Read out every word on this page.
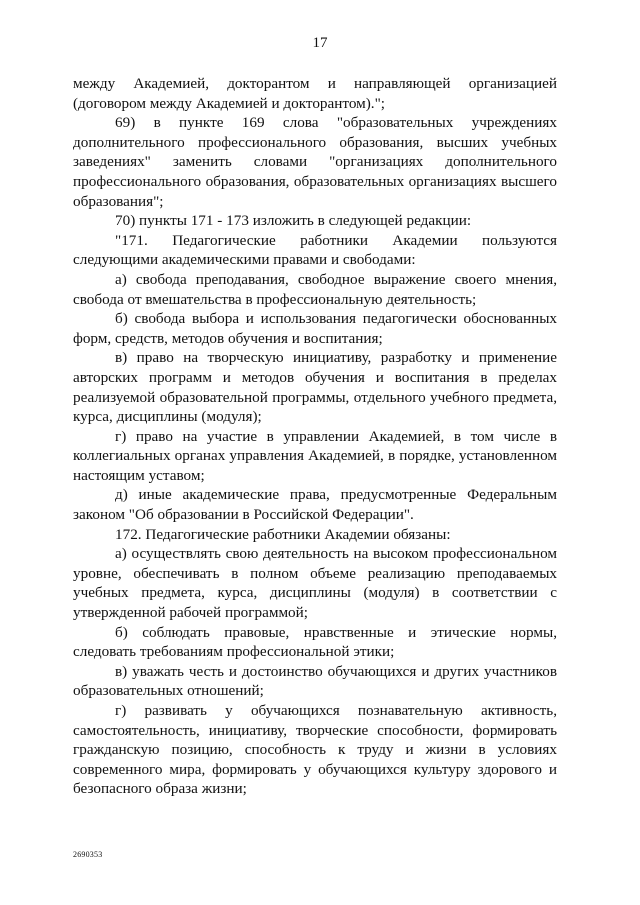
17

между Академией, докторантом и направляющей организацией (договором между Академией и докторантом).";

69) в пункте 169 слова "образовательных учреждениях дополнительного профессионального образования, высших учебных заведениях" заменить словами "организациях дополнительного профессионального образования, образовательных организациях высшего образования";

70) пункты 171 - 173 изложить в следующей редакции:

"171. Педагогические работники Академии пользуются следующими академическими правами и свободами:

а) свобода преподавания, свободное выражение своего мнения, свобода от вмешательства в профессиональную деятельность;

б) свобода выбора и использования педагогически обоснованных форм, средств, методов обучения и воспитания;

в) право на творческую инициативу, разработку и применение авторских программ и методов обучения и воспитания в пределах реализуемой образовательной программы, отдельного учебного предмета, курса, дисциплины (модуля);

г) право на участие в управлении Академией, в том числе в коллегиальных органах управления Академией, в порядке, установленном настоящим уставом;

д) иные академические права, предусмотренные Федеральным законом "Об образовании в Российской Федерации".

172. Педагогические работники Академии обязаны:

а) осуществлять свою деятельность на высоком профессиональном уровне, обеспечивать в полном объеме реализацию преподаваемых учебных предмета, курса, дисциплины (модуля) в соответствии с утвержденной рабочей программой;

б) соблюдать правовые, нравственные и этические нормы, следовать требованиям профессиональной этики;

в) уважать честь и достоинство обучающихся и других участников образовательных отношений;

г) развивать у обучающихся познавательную активность, самостоятельность, инициативу, творческие способности, формировать гражданскую позицию, способность к труду и жизни в условиях современного мира, формировать у обучающихся культуру здорового и безопасного образа жизни;

2690353
